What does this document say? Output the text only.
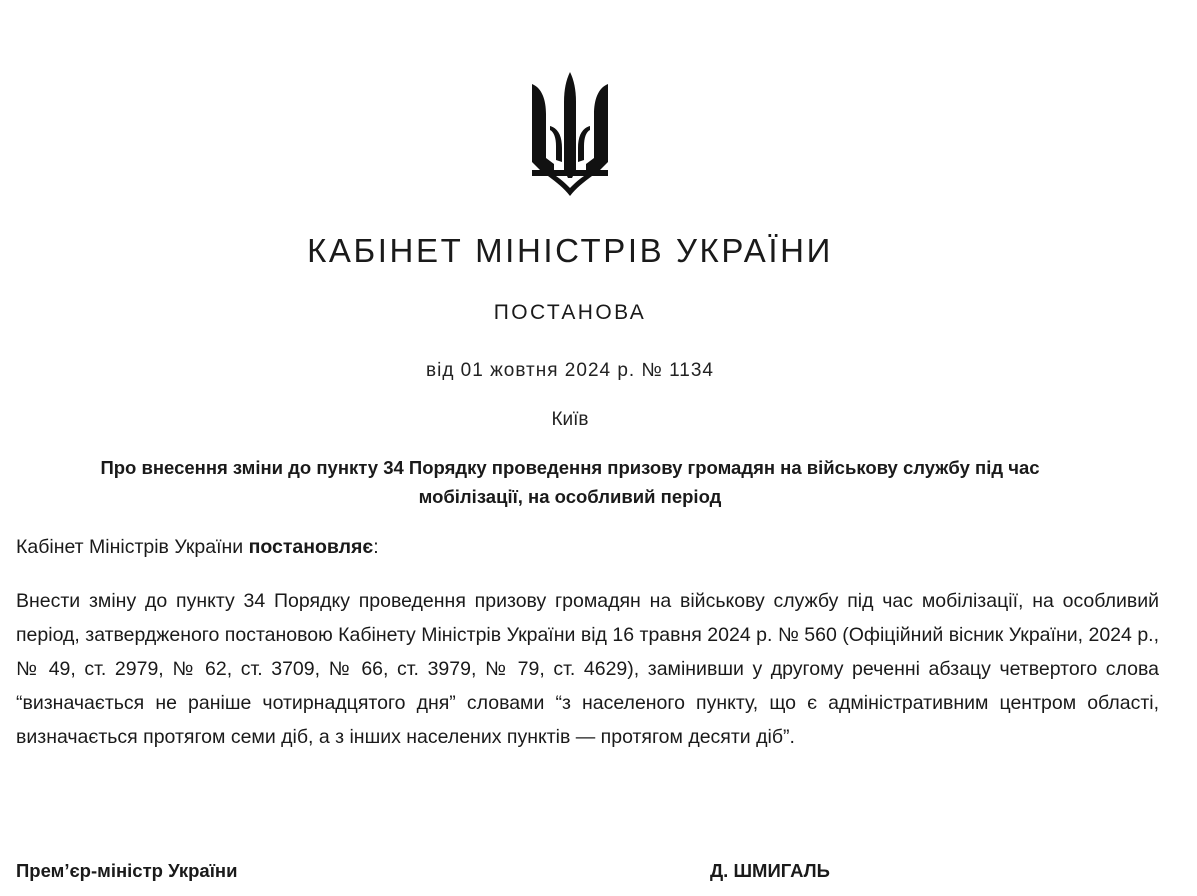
КАБІНЕТ МІНІСТРІВ УКРАЇНИ
ПОСТАНОВА
від 01 жовтня 2024 р. № 1134
Київ
Про внесення зміни до пункту 34 Порядку проведення призову громадян на військову службу під час мобілізації, на особливий період
Кабінет Міністрів України постановляє:
Внести зміну до пункту 34 Порядку проведення призову громадян на військову службу під час мобілізації, на особливий період, затвердженого постановою Кабінету Міністрів України від 16 травня 2024 р. № 560 (Офіційний вісник України, 2024 р., № 49, ст. 2979, № 62, ст. 3709, № 66, ст. 3979, № 79, ст. 4629), замінивши у другому реченні абзацу четвертого слова “визначається не раніше чотирнадцятого дня” словами “з населеного пункту, що є адміністративним центром області, визначається протягом семи діб, а з інших населених пунктів — протягом десяти діб”.
Прем’єр-міністр України	Д. ШМИГАЛЬ
